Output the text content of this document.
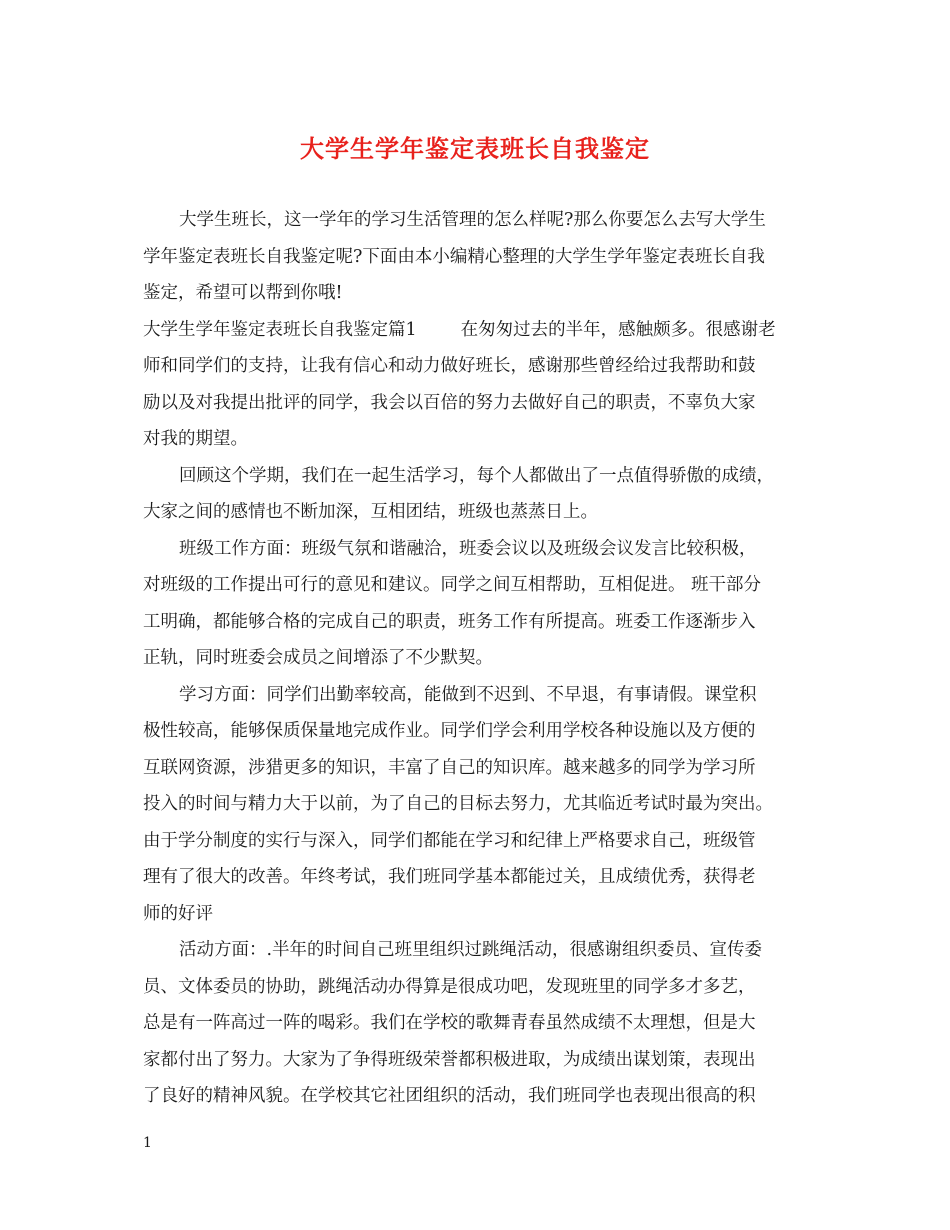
大学生学年鉴定表班长自我鉴定
大学生班长，这一学年的学习生活管理的怎么样呢?那么你要怎么去写大学生
学年鉴定表班长自我鉴定呢?下面由本小编精心整理的大学生学年鉴定表班长自我
鉴定，希望可以帮到你哦!
大学生学年鉴定表班长自我鉴定篇1	在匆匆过去的半年，感触颇多。很感谢老
师和同学们的支持，让我有信心和动力做好班长，感谢那些曾经给过我帮助和鼓
励以及对我提出批评的同学，我会以百倍的努力去做好自己的职责，不辜负大家
对我的期望。
回顾这个学期，我们在一起生活学习，每个人都做出了一点值得骄傲的成绩，
大家之间的感情也不断加深，互相团结，班级也蒸蒸日上。
班级工作方面：班级气氛和谐融洽，班委会议以及班级会议发言比较积极，
对班级的工作提出可行的意见和建议。同学之间互相帮助，互相促进。 班干部分
工明确，都能够合格的完成自己的职责，班务工作有所提高。班委工作逐渐步入
正轨，同时班委会成员之间增添了不少默契。
学习方面：同学们出勤率较高，能做到不迟到、不早退，有事请假。课堂积
极性较高，能够保质保量地完成作业。同学们学会利用学校各种设施以及方便的
互联网资源，涉猎更多的知识，丰富了自己的知识库。越来越多的同学为学习所
投入的时间与精力大于以前，为了自己的目标去努力，尤其临近考试时最为突出。
由于学分制度的实行与深入，同学们都能在学习和纪律上严格要求自己，班级管
理有了很大的改善。年终考试，我们班同学基本都能过关，且成绩优秀，获得老
师的好评
活动方面：.半年的时间自己班里组织过跳绳活动，很感谢组织委员、宣传委
员、文体委员的协助，跳绳活动办得算是很成功吧，发现班里的同学多才多艺，
总是有一阵高过一阵的喝彩。我们在学校的歌舞青春虽然成绩不太理想，但是大
家都付出了努力。大家为了争得班级荣誉都积极进取，为成绩出谋划策，表现出
了良好的精神风貌。在学校其它社团组织的活动，我们班同学也表现出很高的积
1
